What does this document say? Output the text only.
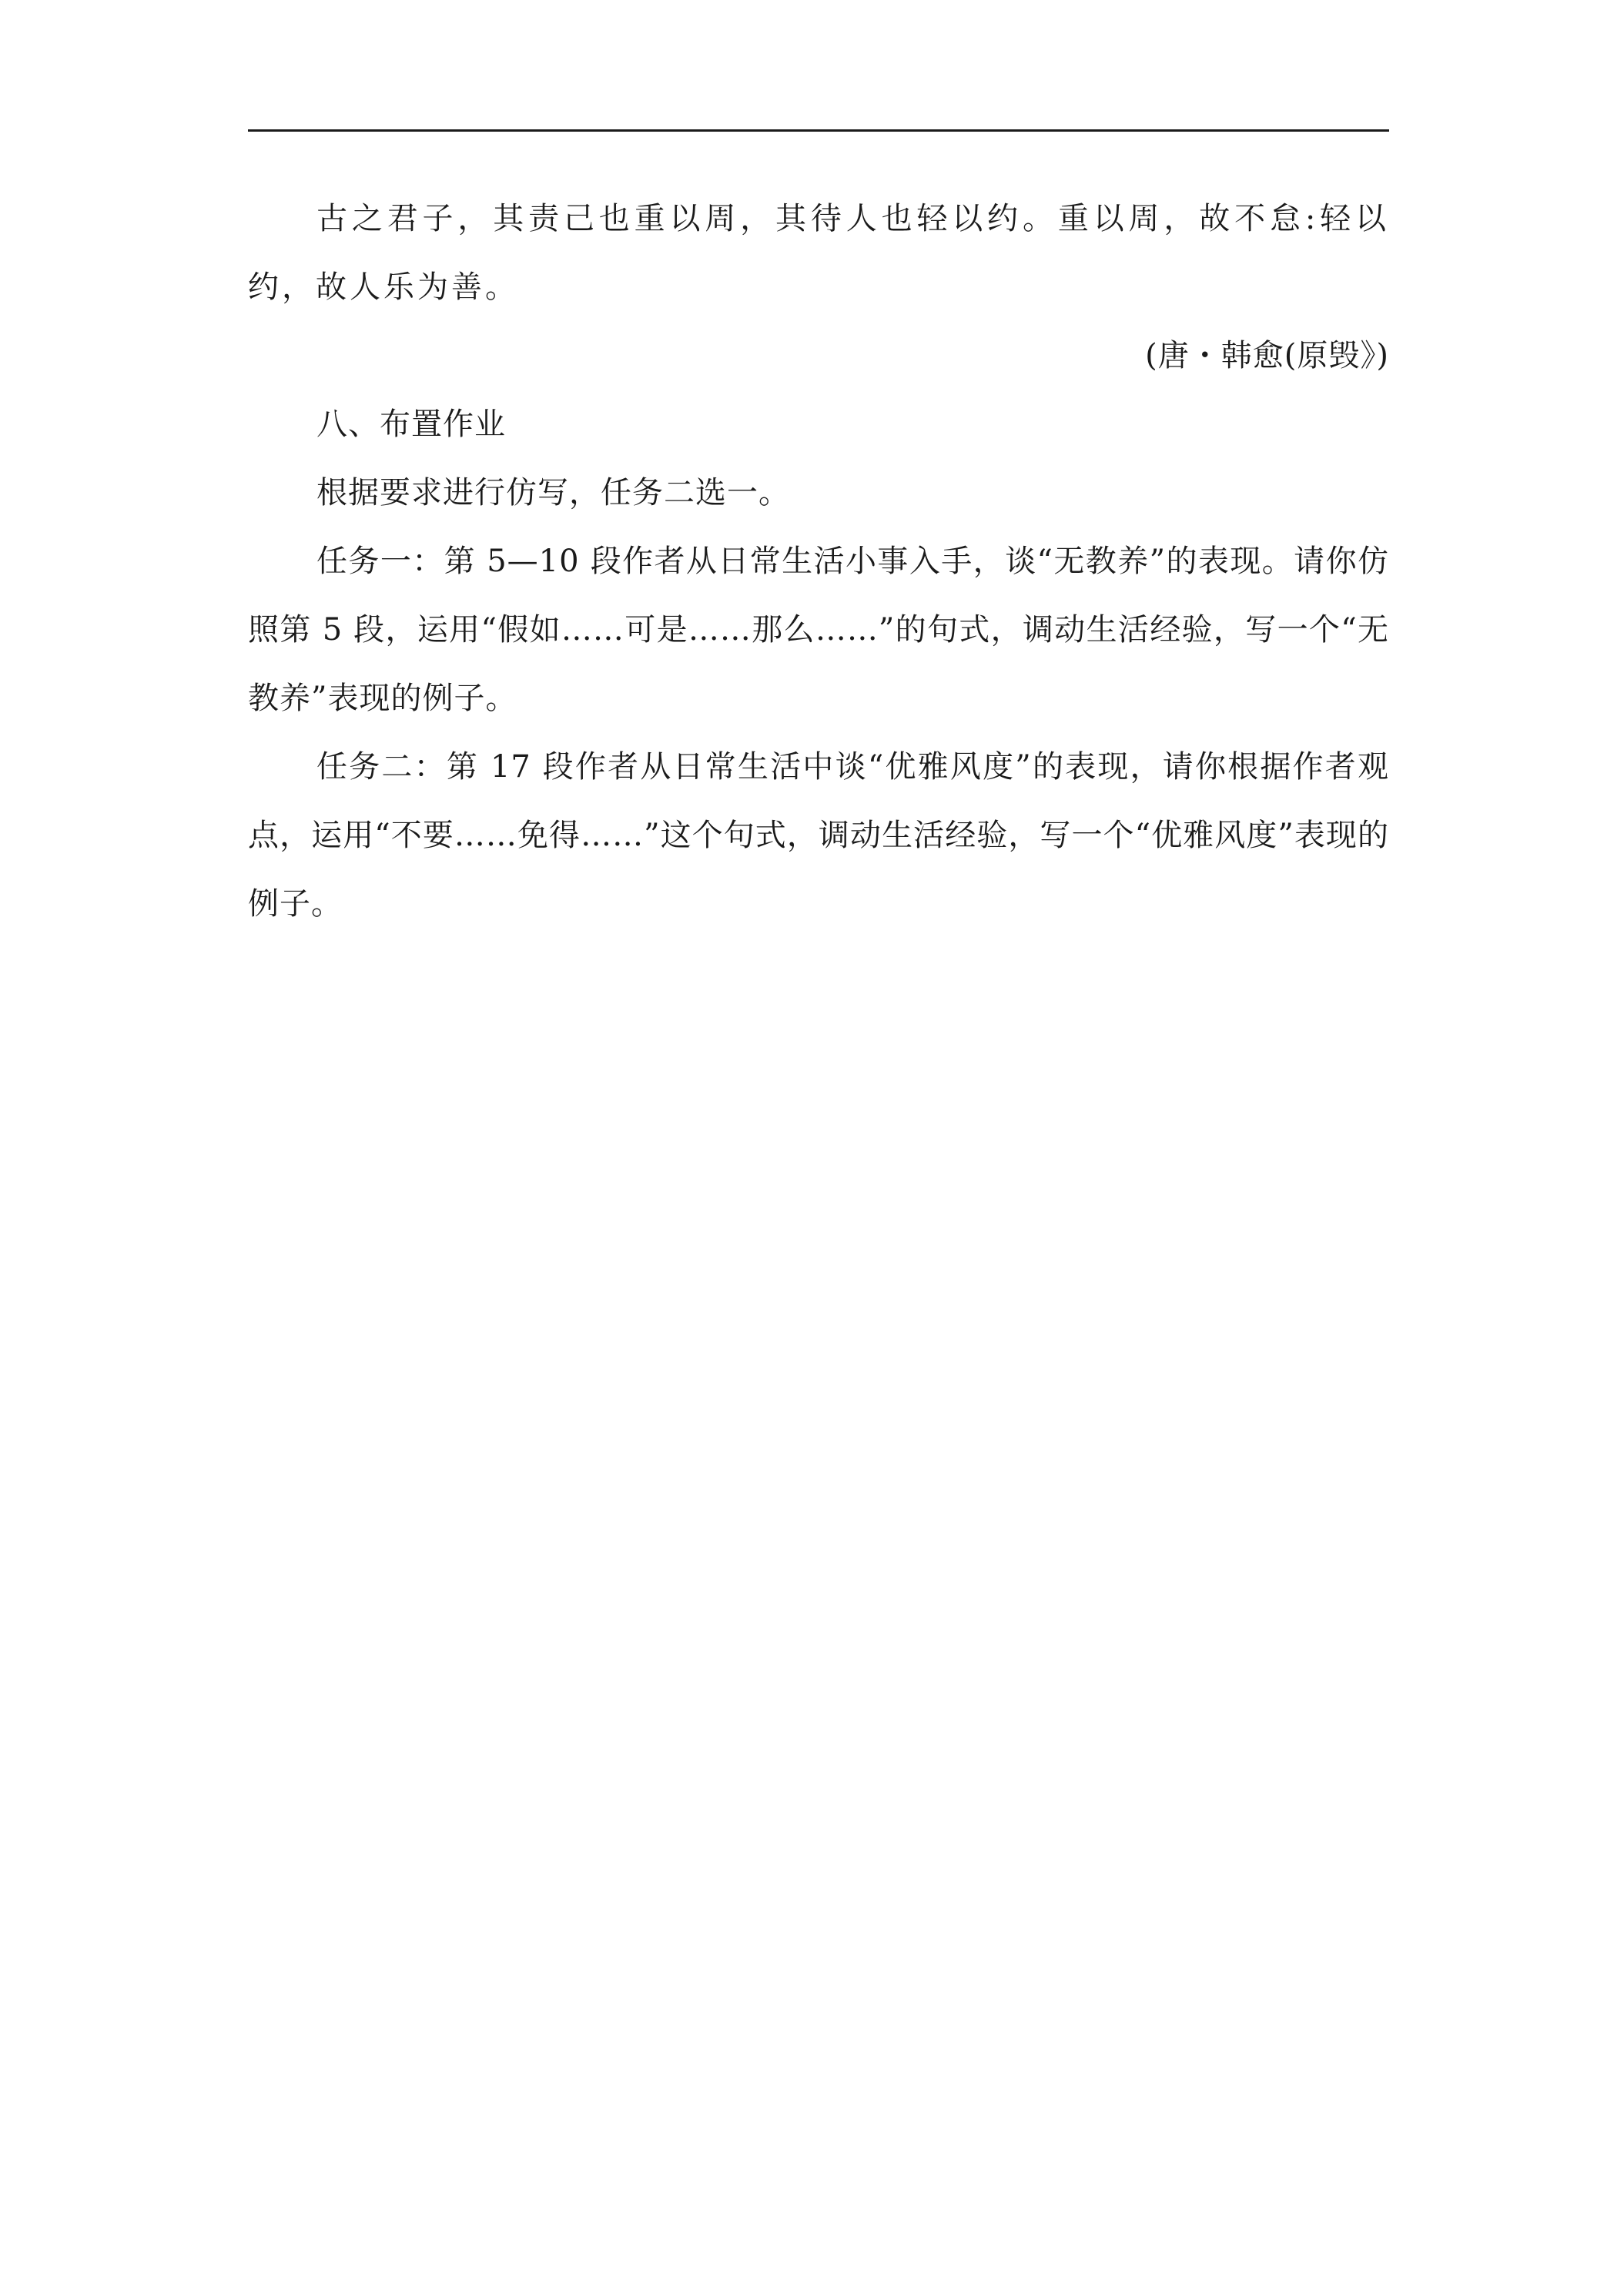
古之君子，其责己也重以周，其待人也轻以约。重以周，故不怠:轻以约，故人乐为善。

(唐・韩愈(原毁》)

八、布置作业

根据要求进行仿写，任务二选一。

任务一：第 5—10 段作者从日常生活小事入手，谈“无教养”的表现。请你仿照第 5 段，运用“假如……可是……那么……”的句式，调动生活经验，写一个“无教养”表现的例子。

任务二：第 17 段作者从日常生活中谈“优雅风度”的表现，请你根据作者观点，运用“不要……免得……”这个句式，调动生活经验，写一个“优雅风度”表现的例子。
